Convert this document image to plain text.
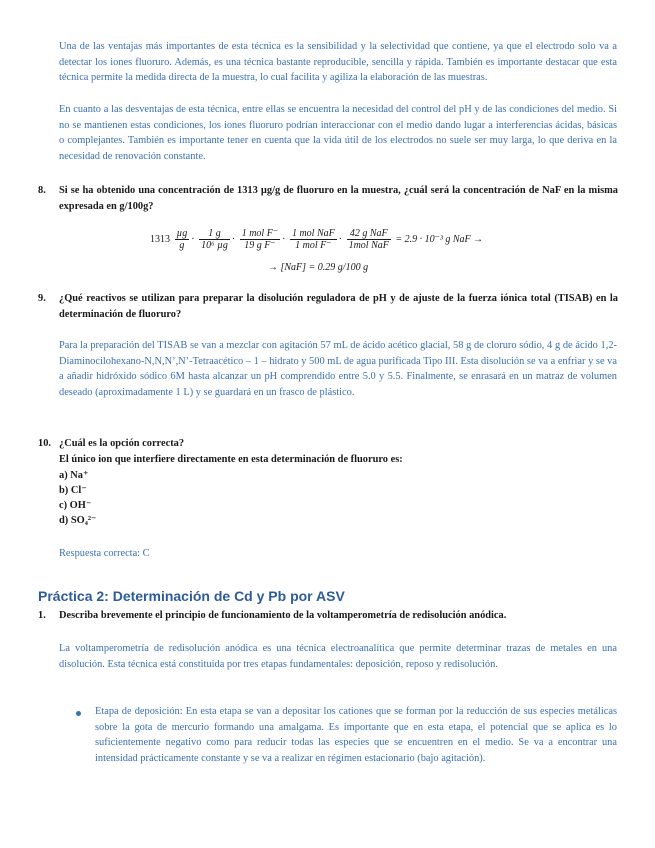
Una de las ventajas más importantes de esta técnica es la sensibilidad y la selectividad que contiene, ya que el electrodo solo va a detectar los iones fluoruro. Además, es una técnica bastante reproducible, sencilla y rápida. También es importante destacar que esta técnica permite la medida directa de la muestra, lo cual facilita y agiliza la elaboración de las muestras.
En cuanto a las desventajas de esta técnica, entre ellas se encuentra la necesidad del control del pH y de las condiciones del medio. Si no se mantienen estas condiciones, los iones fluoruro podrían interaccionar con el medio dando lugar a interferencias ácidas, básicas o complejantes. También es importante tener en cuenta que la vida útil de los electrodos no suele ser muy larga, lo que deriva en la necesidad de renovación constante.
8.	Si se ha obtenido una concentración de 1313 µg/g de fluoruro en la muestra, ¿cuál será la concentración de NaF en la misma expresada en g/100g?
$1313 \frac{\text{µg}}{g} \cdot \frac{1 g}{\text{10⁶ µg}} \cdot \frac{\text{1 mol F⁻}}{\text{19 g F⁻}} \cdot \frac{\text{1 mol NaF}}{\text{1 mol F⁻}} \cdot \frac{\text{42 g NaF}}{\text{1mol NaF}} = 2.9 \cdot 10^{-3}$ g NaF →
→ [NaF] = 0.29 g/100 g
9.	¿Qué reactivos se utilizan para preparar la disolución reguladora de pH y de ajuste de la fuerza iónica total (TISAB) en la determinación de fluoruro?
Para la preparación del TISAB se van a mezclar con agitación 57 mL de ácido acético glacial, 58 g de cloruro sódio, 4 g de ácido 1,2-Diaminocilohexano-N,N,N’,N’-Tetraacético – 1 – hidrato y 500 mL de agua purificada Tipo III. Esta disolución se va a enfriar y se va a añadir hidróxido sódico 6M hasta alcanzar un pH comprendido entre 5.0 y 5.5. Finalmente, se enrasará en un matraz de volumen deseado (aproximadamente 1 L) y se guardará en un frasco de plástico.
10. ¿Cuál es la opción correcta?
El único ion que interfiere directamente en esta determinación de fluoruro es:
a) Na⁺
b) Cl⁻
c) OH⁻
d) SO₄²⁻
Respuesta correcta: C
Práctica 2: Determinación de Cd y Pb por ASV
1.	Describa brevemente el principio de funcionamiento de la voltamperometría de redisolución anódica.
La voltamperometría de redisolución anódica es una técnica electroanalítica que permite determinar trazas de metales en una disolución. Esta técnica está constituida por tres etapas fundamentales: deposición, reposo y redisolución.
Etapa de deposición: En esta etapa se van a depositar los cationes que se forman por la reducción de sus especies metálicas sobre la gota de mercurio formando una amalgama. Es importante que en esta etapa, el potencial que se aplica es lo suficientemente negativo como para reducir todas las especies que se encuentren en el medio. Se va a encontrar una intensidad prácticamente constante y se va a realizar en régimen estacionario (bajo agitación).
